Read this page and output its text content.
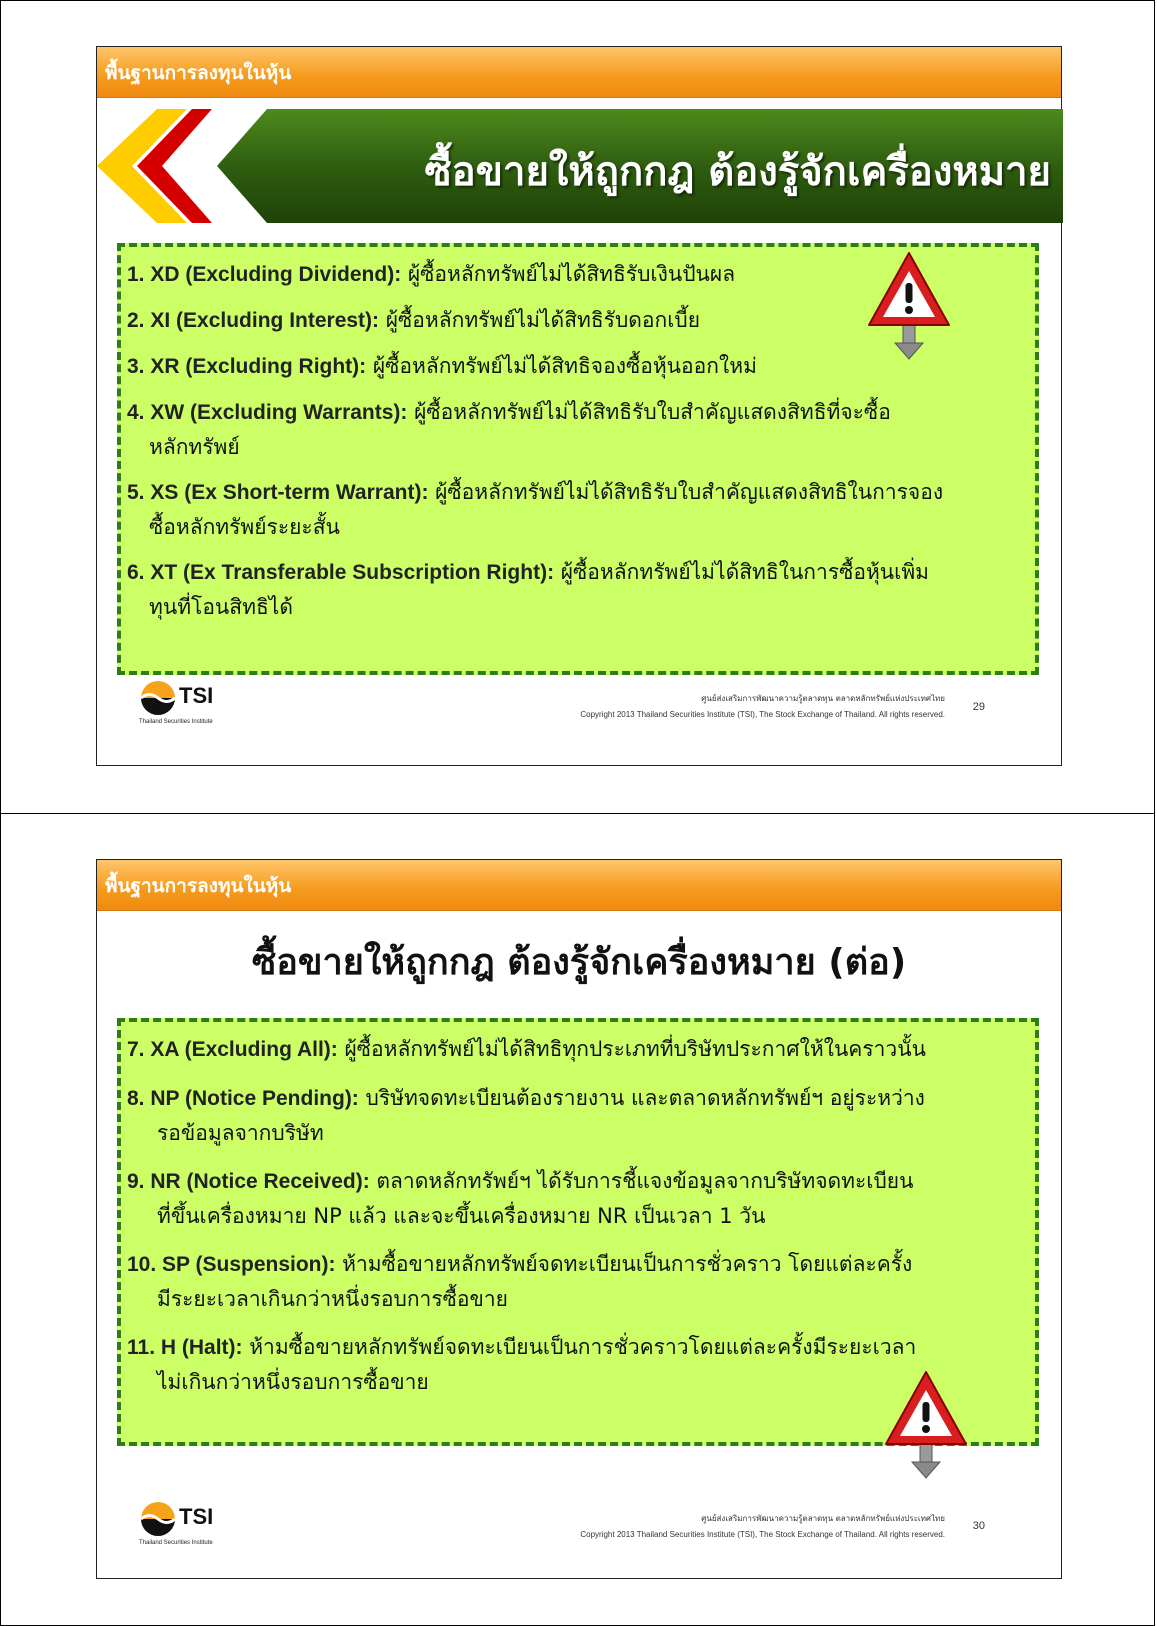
พื้นฐานการลงทุนในหุ้น
ซื้อขายให้ถูกกฎ ต้องรู้จักเครื่องหมาย
1. XD (Excluding Dividend): ผู้ซื้อหลักทรัพย์ไม่ได้สิทธิรับเงินปันผล
2. XI (Excluding Interest): ผู้ซื้อหลักทรัพย์ไม่ได้สิทธิรับดอกเบี้ย
3. XR (Excluding Right): ผู้ซื้อหลักทรัพย์ไม่ได้สิทธิจองซื้อหุ้นออกใหม่
4. XW (Excluding Warrants): ผู้ซื้อหลักทรัพย์ไม่ได้สิทธิรับใบสำคัญแสดงสิทธิที่จะซื้อ
หลักทรัพย์
5. XS (Ex Short-term Warrant): ผู้ซื้อหลักทรัพย์ไม่ได้สิทธิรับใบสำคัญแสดงสิทธิในการจอง
ซื้อหลักทรัพย์ระยะสั้น
6. XT (Ex Transferable Subscription Right): ผู้ซื้อหลักทรัพย์ไม่ได้สิทธิในการซื้อหุ้นเพิ่ม
ทุนที่โอนสิทธิได้
TSI
Thailand Securities Institute
ศูนย์ส่งเสริมการพัฒนาความรู้ตลาดทุน ตลาดหลักทรัพย์แห่งประเทศไทย
Copyright 2013 Thailand Securities Institute (TSI), The Stock Exchange of Thailand. All rights reserved.
29
พื้นฐานการลงทุนในหุ้น
ซื้อขายให้ถูกกฎ ต้องรู้จักเครื่องหมาย (ต่อ)
7. XA (Excluding All): ผู้ซื้อหลักทรัพย์ไม่ได้สิทธิทุกประเภทที่บริษัทประกาศให้ในคราวนั้น
8. NP (Notice Pending): บริษัทจดทะเบียนต้องรายงาน และตลาดหลักทรัพย์ฯ อยู่ระหว่าง
รอข้อมูลจากบริษัท
9. NR (Notice Received): ตลาดหลักทรัพย์ฯ ได้รับการชี้แจงข้อมูลจากบริษัทจดทะเบียน
ที่ขึ้นเครื่องหมาย NP แล้ว และจะขึ้นเครื่องหมาย NR เป็นเวลา 1 วัน
10. SP (Suspension): ห้ามซื้อขายหลักทรัพย์จดทะเบียนเป็นการชั่วคราว โดยแต่ละครั้ง
มีระยะเวลาเกินกว่าหนึ่งรอบการซื้อขาย
11. H (Halt): ห้ามซื้อขายหลักทรัพย์จดทะเบียนเป็นการชั่วคราวโดยแต่ละครั้งมีระยะเวลา
ไม่เกินกว่าหนึ่งรอบการซื้อขาย
TSI
Thailand Securities Institute
ศูนย์ส่งเสริมการพัฒนาความรู้ตลาดทุน ตลาดหลักทรัพย์แห่งประเทศไทย
Copyright 2013 Thailand Securities Institute (TSI), The Stock Exchange of Thailand. All rights reserved.
30
